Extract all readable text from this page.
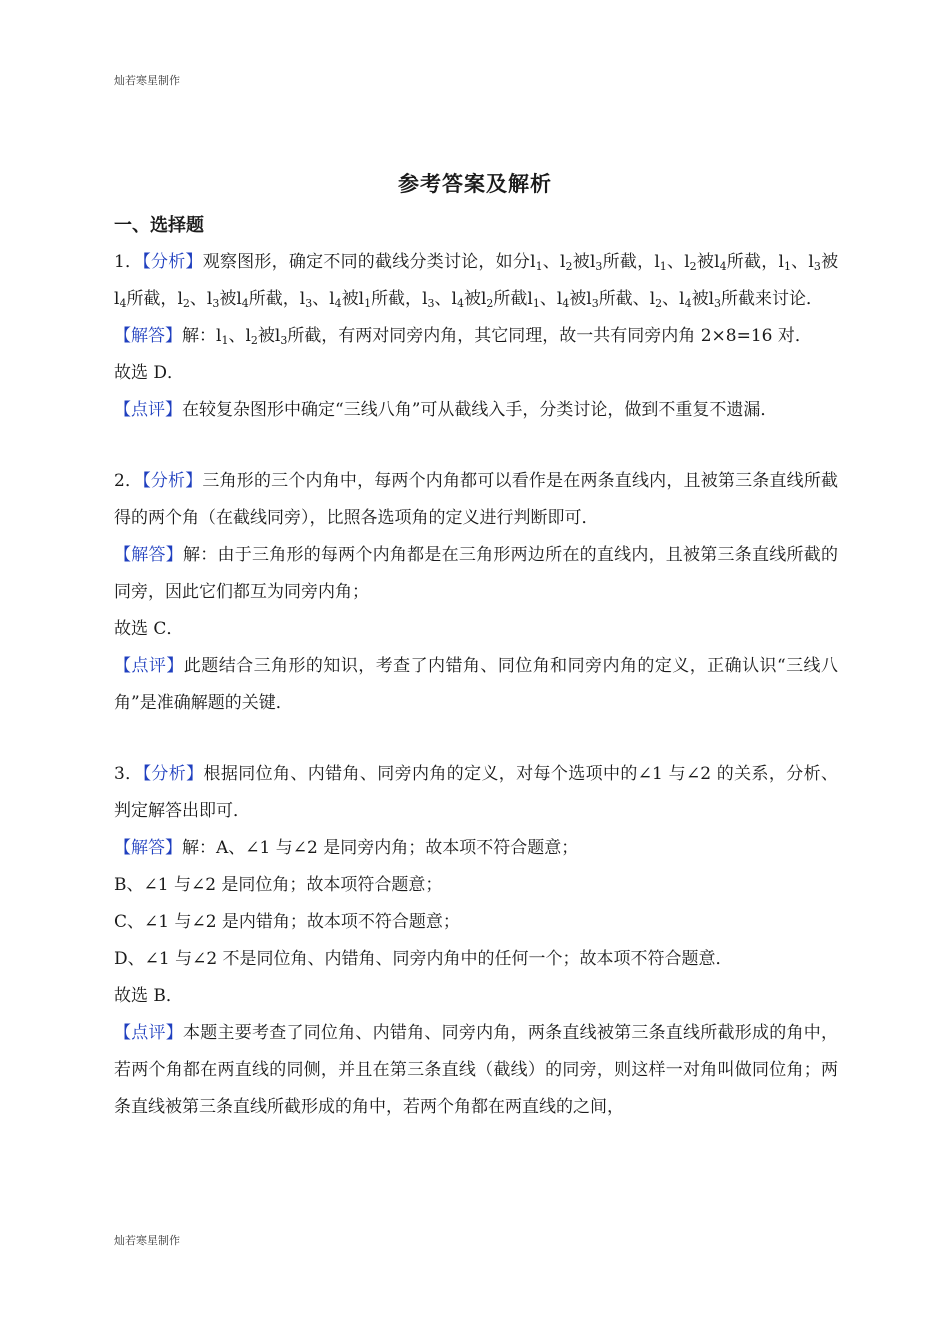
灿若寒星制作
参考答案及解析
一、选择题

1．【分析】观察图形，确定不同的截线分类讨论，如分$l_1$、$l_2$被$l_3$所截，$l_1$、$l_2$被$l_4$所截，$l_1$、$l_3$被$l_4$所截，$l_2$、$l_3$被$l_4$所截，$l_3$、$l_4$被$l_1$所截，$l_3$、$l_4$被$l_2$所截$l_1$、$l_4$被$l_3$所截、$l_2$、$l_4$被$l_3$所截来讨论．

【解答】解：$l_1$、$l_2$被$l_3$所截，有两对同旁内角，其它同理，故一共有同旁内角 2×8=16 对．

故选 D．

【点评】在较复杂图形中确定“三线八角”可从截线入手，分类讨论，做到不重复不遗漏．

2．【分析】三角形的三个内角中，每两个内角都可以看作是在两条直线内，且被第三条直线所截得的两个角（在截线同旁），比照各选项角的定义进行判断即可．

【解答】解：由于三角形的每两个内角都是在三角形两边所在的直线内，且被第三条直线所截的同旁，因此它们都互为同旁内角；

故选 C．

【点评】此题结合三角形的知识，考查了内错角、同位角和同旁内角的定义，正确认识“三线八角”是准确解题的关键．

3．【分析】根据同位角、内错角、同旁内角的定义，对每个选项中的∠1 与∠2 的关系，分析、判定解答出即可．

【解答】解：A、∠1 与∠2 是同旁内角；故本项不符合题意；

B、∠1 与∠2 是同位角；故本项符合题意；

C、∠1 与∠2 是内错角；故本项不符合题意；

D、∠1 与∠2 不是同位角、内错角、同旁内角中的任何一个；故本项不符合题意．

故选 B．

【点评】本题主要考查了同位角、内错角、同旁内角，两条直线被第三条直线所截形成的角中，若两个角都在两直线的同侧，并且在第三条直线（截线）的同旁，则这样一对角叫做同位角；两条直线被第三条直线所截形成的角中，若两个角都在两直线的之间，

灿若寒星制作
